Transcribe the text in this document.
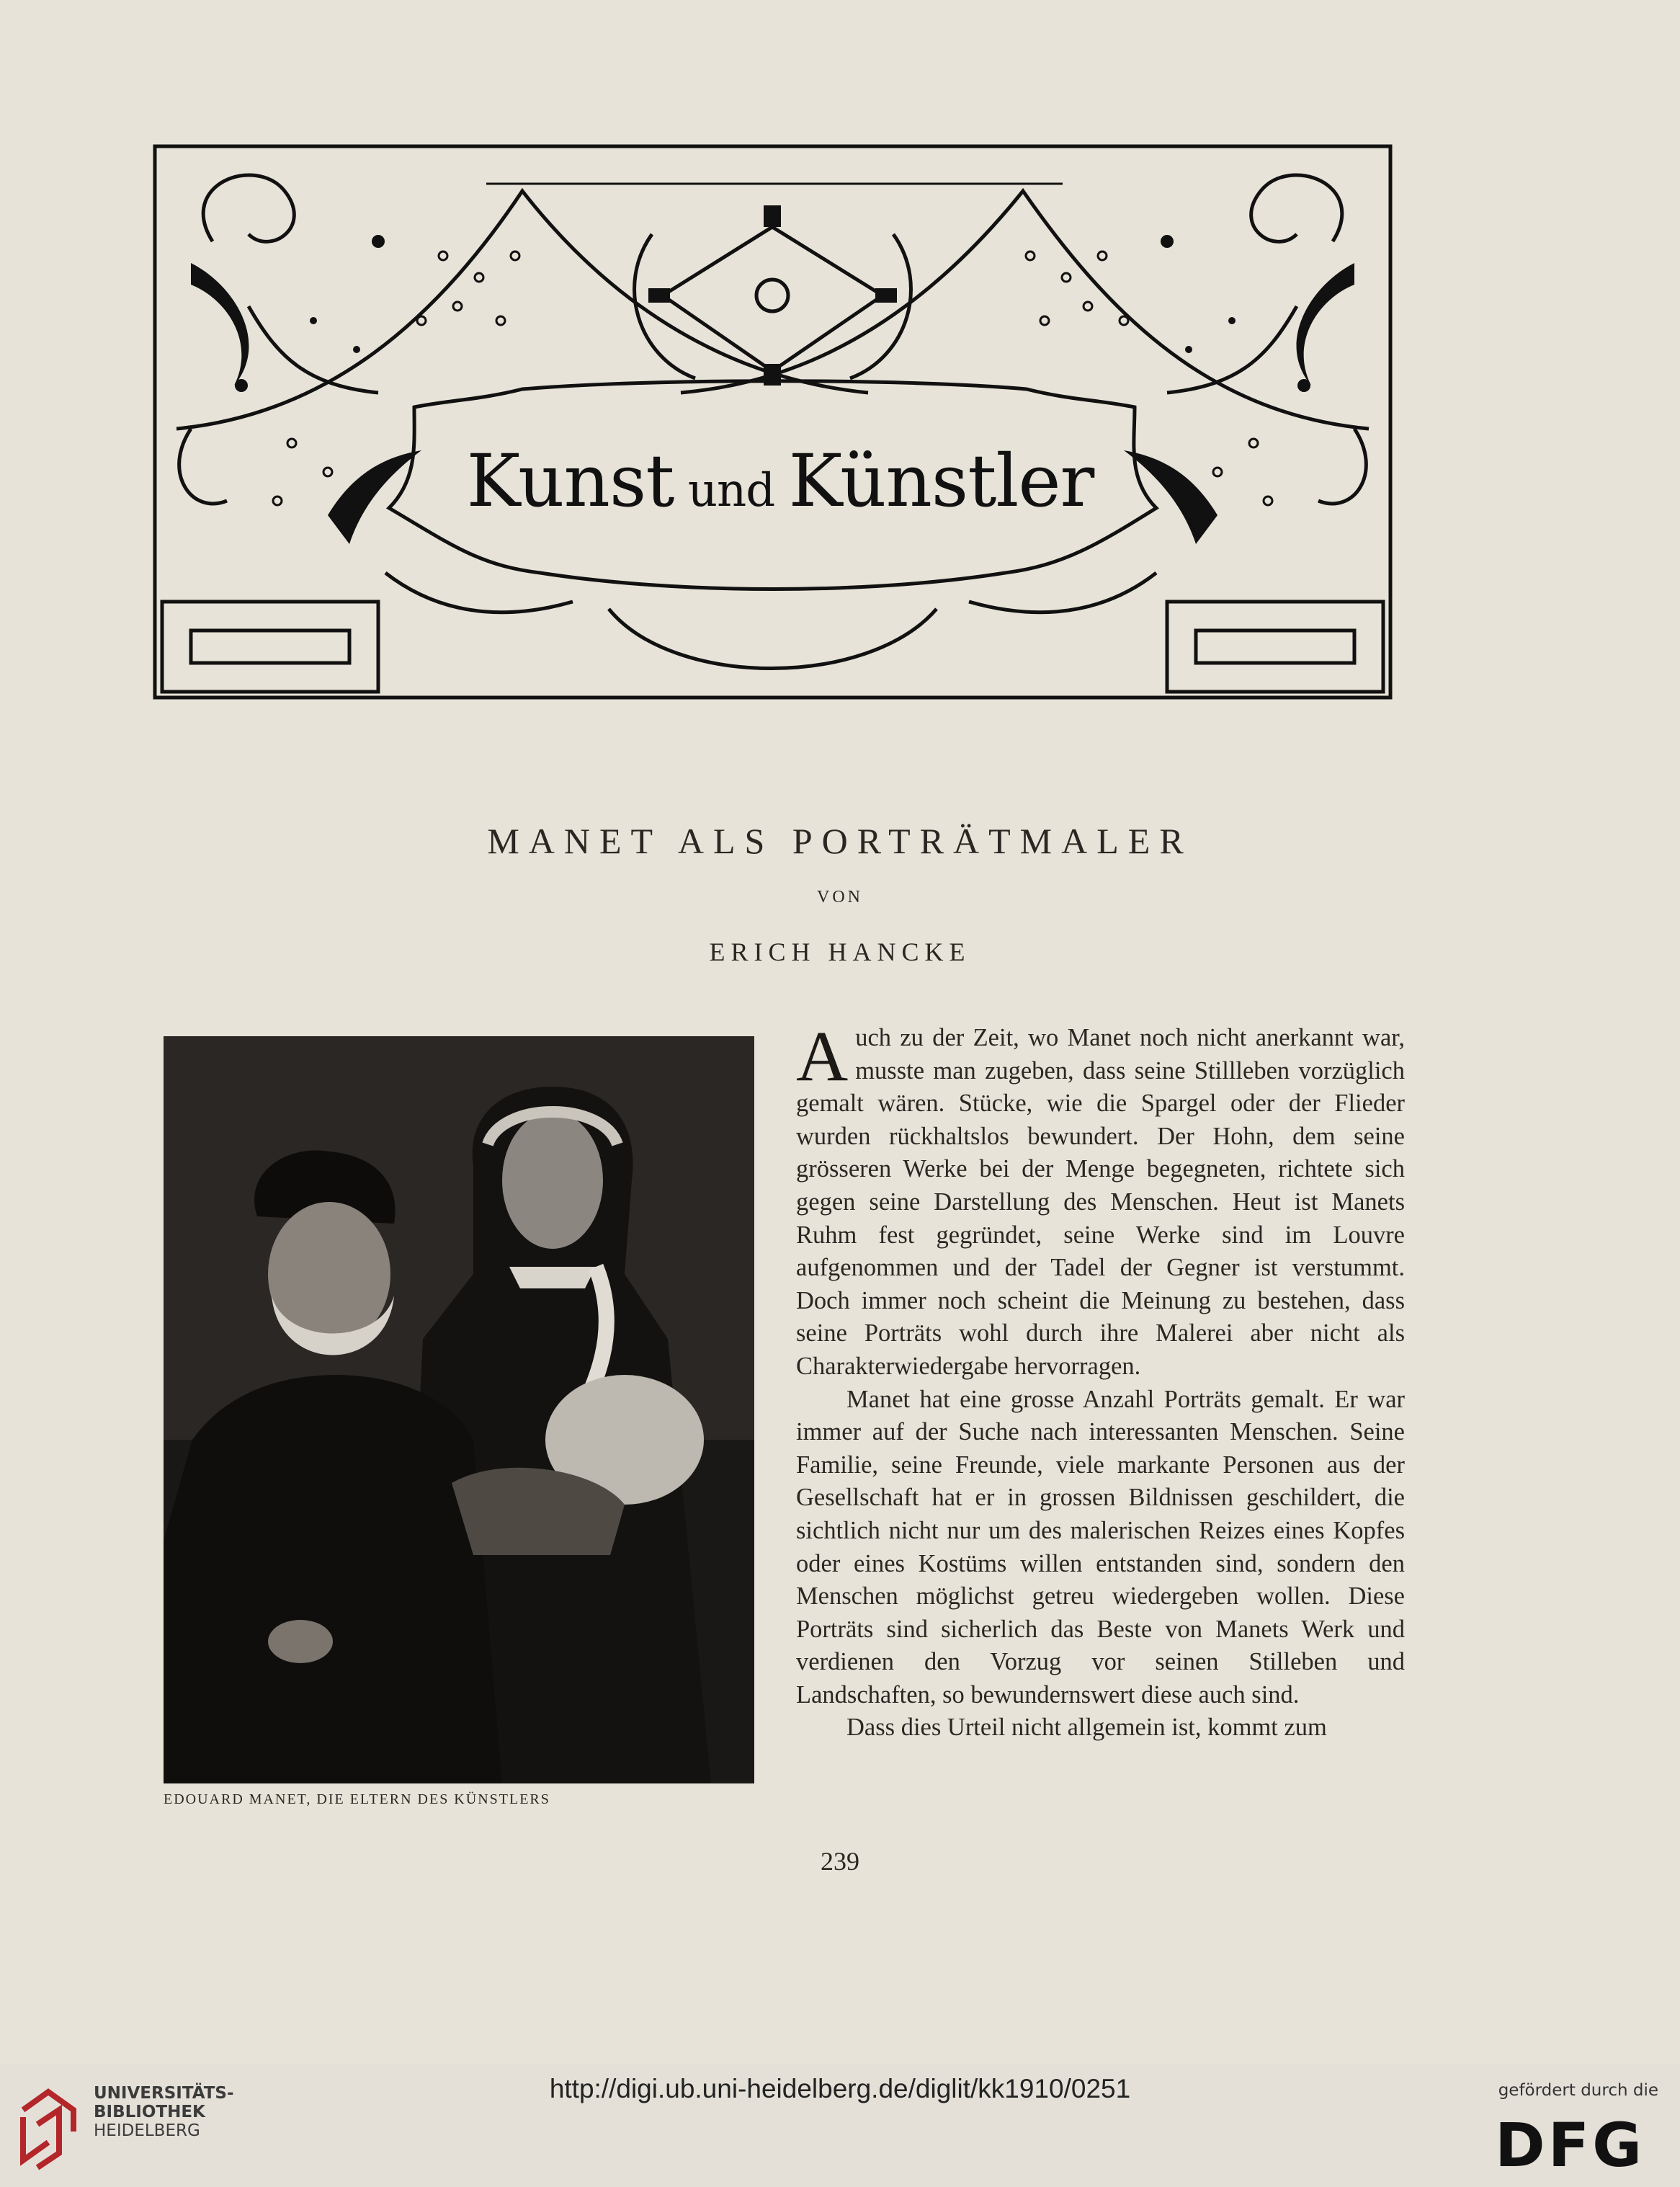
Kunst und Künstler
MANET ALS PORTRÄTMALER
VON
ERICH HANCKE
EDOUARD MANET, DIE ELTERN DES KÜNSTLERS

Auch zu der Zeit, wo Manet noch nicht anerkannt war, musste man zugeben, dass seine Stillleben vorzüglich gemalt wären. Stücke, wie die Spargel oder der Flieder wurden rückhaltslos bewundert. Der Hohn, dem seine grösseren Werke bei der Menge begegneten, richtete sich gegen seine Darstellung des Menschen. Heut ist Manets Ruhm fest gegründet, seine Werke sind im Louvre aufgenommen und der Tadel der Gegner ist verstummt. Doch immer noch scheint die Meinung zu bestehen, dass seine Porträts wohl durch ihre Malerei aber nicht als Charakterwiedergabe hervorragen.

Manet hat eine grosse Anzahl Porträts gemalt. Er war immer auf der Suche nach interessanten Menschen. Seine Familie, seine Freunde, viele markante Personen aus der Gesellschaft hat er in grossen Bildnissen geschildert, die sichtlich nicht nur um des malerischen Reizes eines Kopfes oder eines Kostüms willen entstanden sind, sondern den Menschen möglichst getreu wiedergeben wollen. Diese Porträts sind sicherlich das Beste von Manets Werk und verdienen den Vorzug vor seinen Stilleben und Landschaften, so bewundernswert diese auch sind.

Dass dies Urteil nicht allgemein ist, kommt zum

239
UNIVERSITÄTS-
BIBLIOTHEK
HEIDELBERG
http://digi.ub.uni-heidelberg.de/diglit/kk1910/0251	gefördert durch die
DFG
